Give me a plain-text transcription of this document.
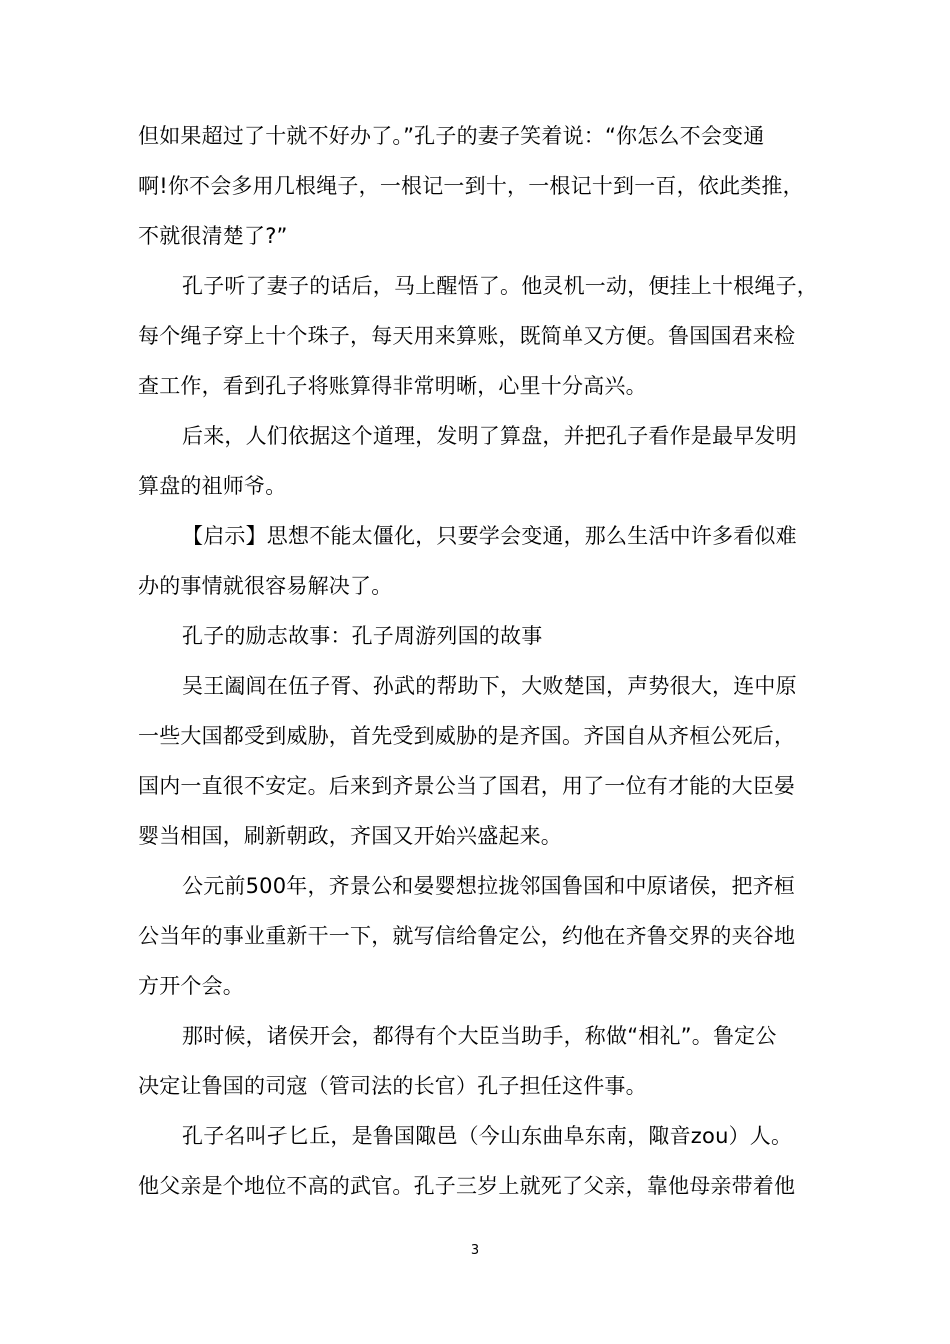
但如果超过了十就不好办了。”孔子的妻子笑着说：“你怎么不会变通
啊!你不会多用几根绳子，一根记一到十，一根记十到一百，依此类推，
不就很清楚了?”
孔子听了妻子的话后，马上醒悟了。他灵机一动，便挂上十根绳子，
每个绳子穿上十个珠子，每天用来算账，既简单又方便。鲁国国君来检
查工作，看到孔子将账算得非常明晰，心里十分高兴。
后来，人们依据这个道理，发明了算盘，并把孔子看作是最早发明
算盘的祖师爷。
【启示】思想不能太僵化，只要学会变通，那么生活中许多看似难
办的事情就很容易解决了。
孔子的励志故事：孔子周游列国的故事
吴王阖闾在伍子胥、孙武的帮助下，大败楚国，声势很大，连中原
一些大国都受到威胁，首先受到威胁的是齐国。齐国自从齐桓公死后，
国内一直很不安定。后来到齐景公当了国君，用了一位有才能的大臣晏
婴当相国，刷新朝政，齐国又开始兴盛起来。
公元前500年，齐景公和晏婴想拉拢邻国鲁国和中原诸侯，把齐桓
公当年的事业重新干一下，就写信给鲁定公，约他在齐鲁交界的夹谷地
方开个会。
那时候，诸侯开会，都得有个大臣当助手，称做“相礼”。鲁定公
决定让鲁国的司寇（管司法的长官）孔子担任这件事。
孔子名叫孑匕丘，是鲁国陬邑（今山东曲阜东南，陬音zou）人。
他父亲是个地位不高的武官。孔子三岁上就死了父亲，靠他母亲带着他
3
